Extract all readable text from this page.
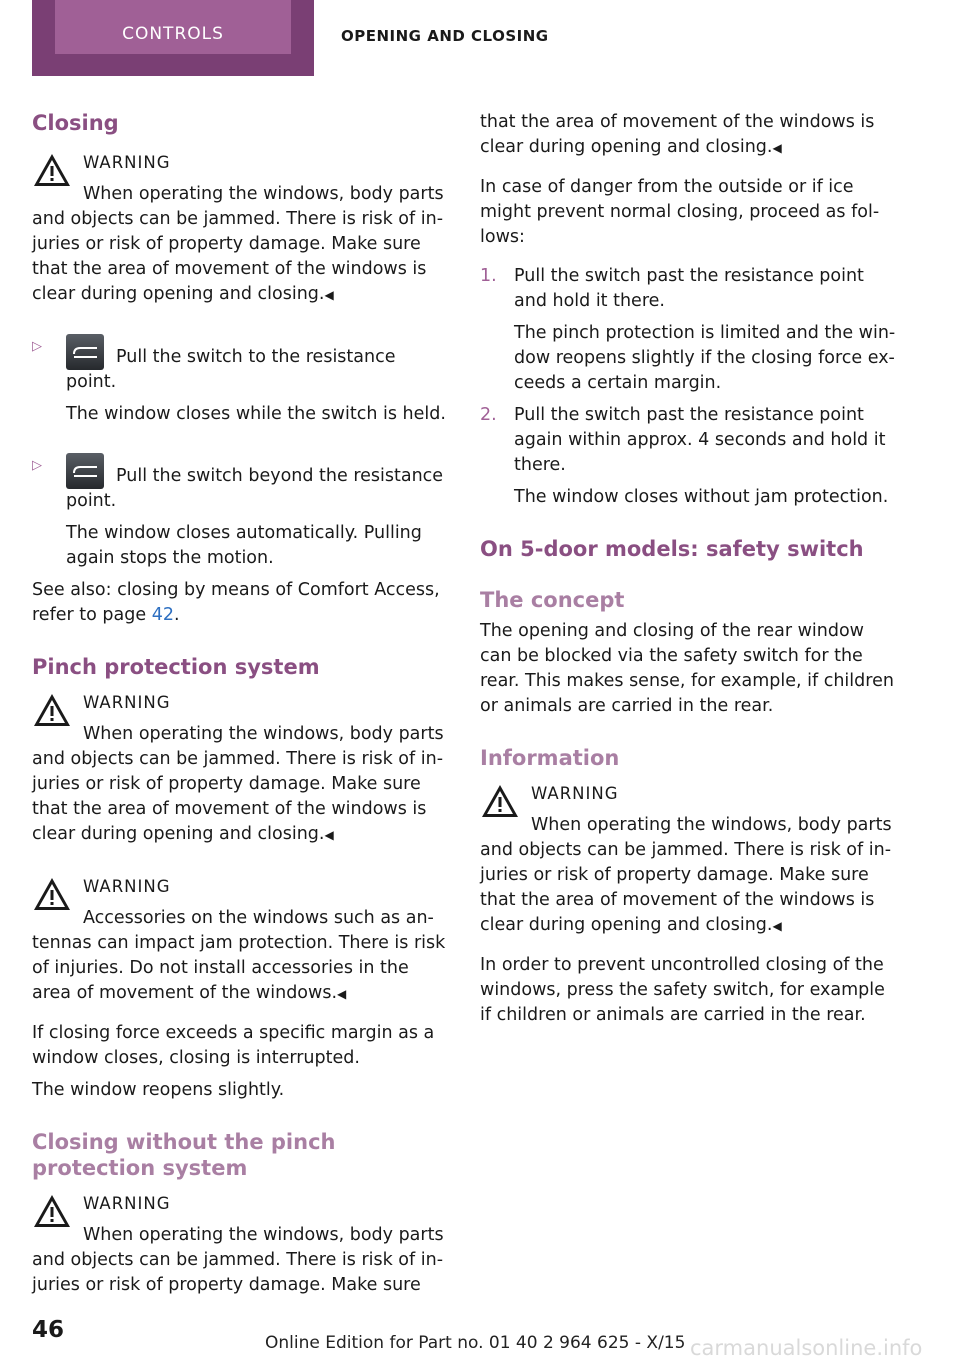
CONTROLS	OPENING AND CLOSING
Closing

WARNING

When operating the windows, body parts

and objects can be jammed. There is risk of in-juries or risk of property damage. Make sure that the area of movement of the windows is clear during opening and closing.◀

▷

Pull the switch to the resistance point.

The window closes while the switch is held.

▷

Pull the switch beyond the resistance point.

The window closes automatically. Pulling again stops the motion.

See also: closing by means of Comfort Access, refer to page 42.

Pinch protection system

WARNING

When operating the windows, body parts

and objects can be jammed. There is risk of in-juries or risk of property damage. Make sure that the area of movement of the windows is clear during opening and closing.◀

WARNING

Accessories on the windows such as an-

tennas can impact jam protection. There is risk of injuries. Do not install accessories in the area of movement of the windows.◀

If closing force exceeds a specific margin as a window closes, closing is interrupted.

The window reopens slightly.

Closing without the pinch protection system

WARNING

When operating the windows, body parts

and objects can be jammed. There is risk of in-juries or risk of property damage. Make sure

that the area of movement of the windows is clear during opening and closing.◀

In case of danger from the outside or if ice might prevent normal closing, proceed as fol-lows:

1. Pull the switch past the resistance point and hold it there.

The pinch protection is limited and the win-dow reopens slightly if the closing force ex-ceeds a certain margin.

2. Pull the switch past the resistance point again within approx. 4 seconds and hold it there.

The window closes without jam protection.

On 5-door models: safety switch
The concept

The opening and closing of the rear window can be blocked via the safety switch for the rear. This makes sense, for example, if children or animals are carried in the rear.

Information

WARNING

When operating the windows, body parts

and objects can be jammed. There is risk of in-juries or risk of property damage. Make sure that the area of movement of the windows is clear during opening and closing.◀

In order to prevent uncontrolled closing of the windows, press the safety switch, for example if children or animals are carried in the rear.

46	Online Edition for Part no. 01 40 2 964 625 - X/15 carmanualsonline.info
